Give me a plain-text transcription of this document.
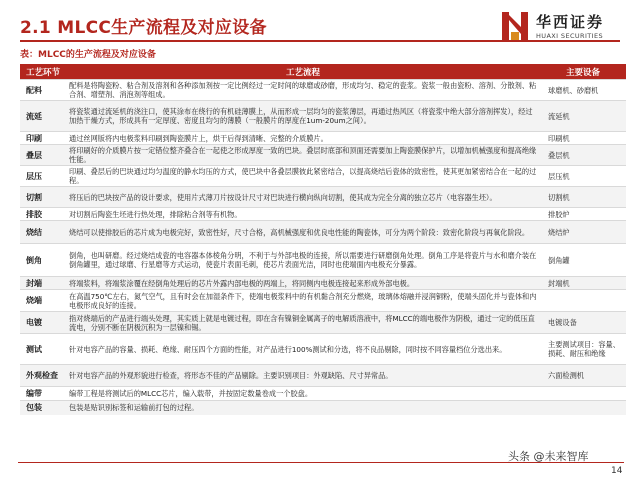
2.1 MLCC生产流程及对应设备	华西证券
HUAXI SECURITIES
表：MLCC的生产流程及对应设备
工艺环节	工艺流程	主要设备
配料	配料是将陶瓷粉、粘合剂及溶剂和各种添加剂按一定比例经过一定时间的球磨或砂磨，形成均匀、稳定的瓷浆。瓷浆一般由瓷粉、溶剂、分散剂、粘合剂、增塑剂、消泡剂等组成。	球磨机、砂磨机
流延	将瓷浆通过流延机的浇注口，使其涂布在绕行的有机硅薄膜上，从而形成一层均匀的瓷浆薄层，再通过热风区（将瓷浆中绝大部分溶剂挥发），经过加热干燥方式，形成具有一定厚度、密度且均匀的薄膜（一般膜片的厚度在1um-20um之间）。	流延机
印刷	通过丝网版将内电极浆料印刷到陶瓷膜片上，烘干后得到清晰、完整的介质膜片。	印刷机
叠层	将印刷好的介质膜片按一定错位整齐叠合在一起使之形成厚度一致的巴块。叠层时底部和顶面还需要加上陶瓷膜保护片，以增加机械强度和提高绝缘性能。	叠层机
层压	印刷、叠层后的巴块通过均匀温度的静水均压的方式，使巴块中各叠层膜彼此紧密结合，以提高烧结后瓷体的致密性，使其更加紧密结合在一起的过程。	层压机
切割	将压后的巴块按产品的设计要求，使用片式薄刀片按设计尺寸对巴块进行横向纵向切割，使其成为完全分离的独立芯片（电容器生坯）。	切割机
排胶	对切割后陶瓷生坯进行热处理，排除粘合剂等有机物。	排胶炉
烧结	烧结可以使排胶后的芯片成为电极完好，致密性好，尺寸合格，高机械强度和优良电性能的陶瓷体，可分为两个阶段：致密化阶段与再氧化阶段。	烧结炉
倒角	倒角，也叫研磨。经过烧结成瓷的电容器本体棱角分明，不利于与外部电极的连接，所以需要进行研磨倒角处理。倒角工序是将瓷片与水和磨介装在倒角罐里，通过球磨、行星磨等方式运动，使瓷片表面毛刺，使芯片表面光洁，同时也使端面内电极充分暴露。	倒角罐
封端	将端浆料，将端浆涂覆在经倒角处理后的芯片外露内部电极的两端上，将同侧内电极连接起来形成外部电极。	封端机
烧端	在高温750℃左右，氮气空气，且有时会在加湿条件下，使端电极浆料中的有机黏合剂充分燃烧，玻璃体熔融并浸润铜粉，使端头固化并与瓷体和内电极形成良好的连接。	
电镀	指对烧端后的产品进行端头处理，其实质上就是电镀过程，即在含有镍铜金属离子的电解质溶液中，将MLCC的端电极作为阴极，通过一定的低压直流电，分别不断在阴极沉积为一层镍和锡。	电镀设备
测试	针对电容产品的容量、损耗、绝缘、耐压四个方面的性能，对产品进行100%测试和分选，将不良品剔除，同时按不同容量档位分选出来。	主要测试项目：容量、损耗、耐压和绝缘
外观检查	针对电容产品的外观形貌进行检查，将形态不佳的产品剔除。主要识别项目：外观缺陷、尺寸异常品。	六面检测机
编带	编带工程是将测试后的MLCC芯片，编入载带，并按固定数量卷成一个胶盘。	
包装	包装是贴识别标签和运输前打包的过程。	
头条 @未来智库
14
